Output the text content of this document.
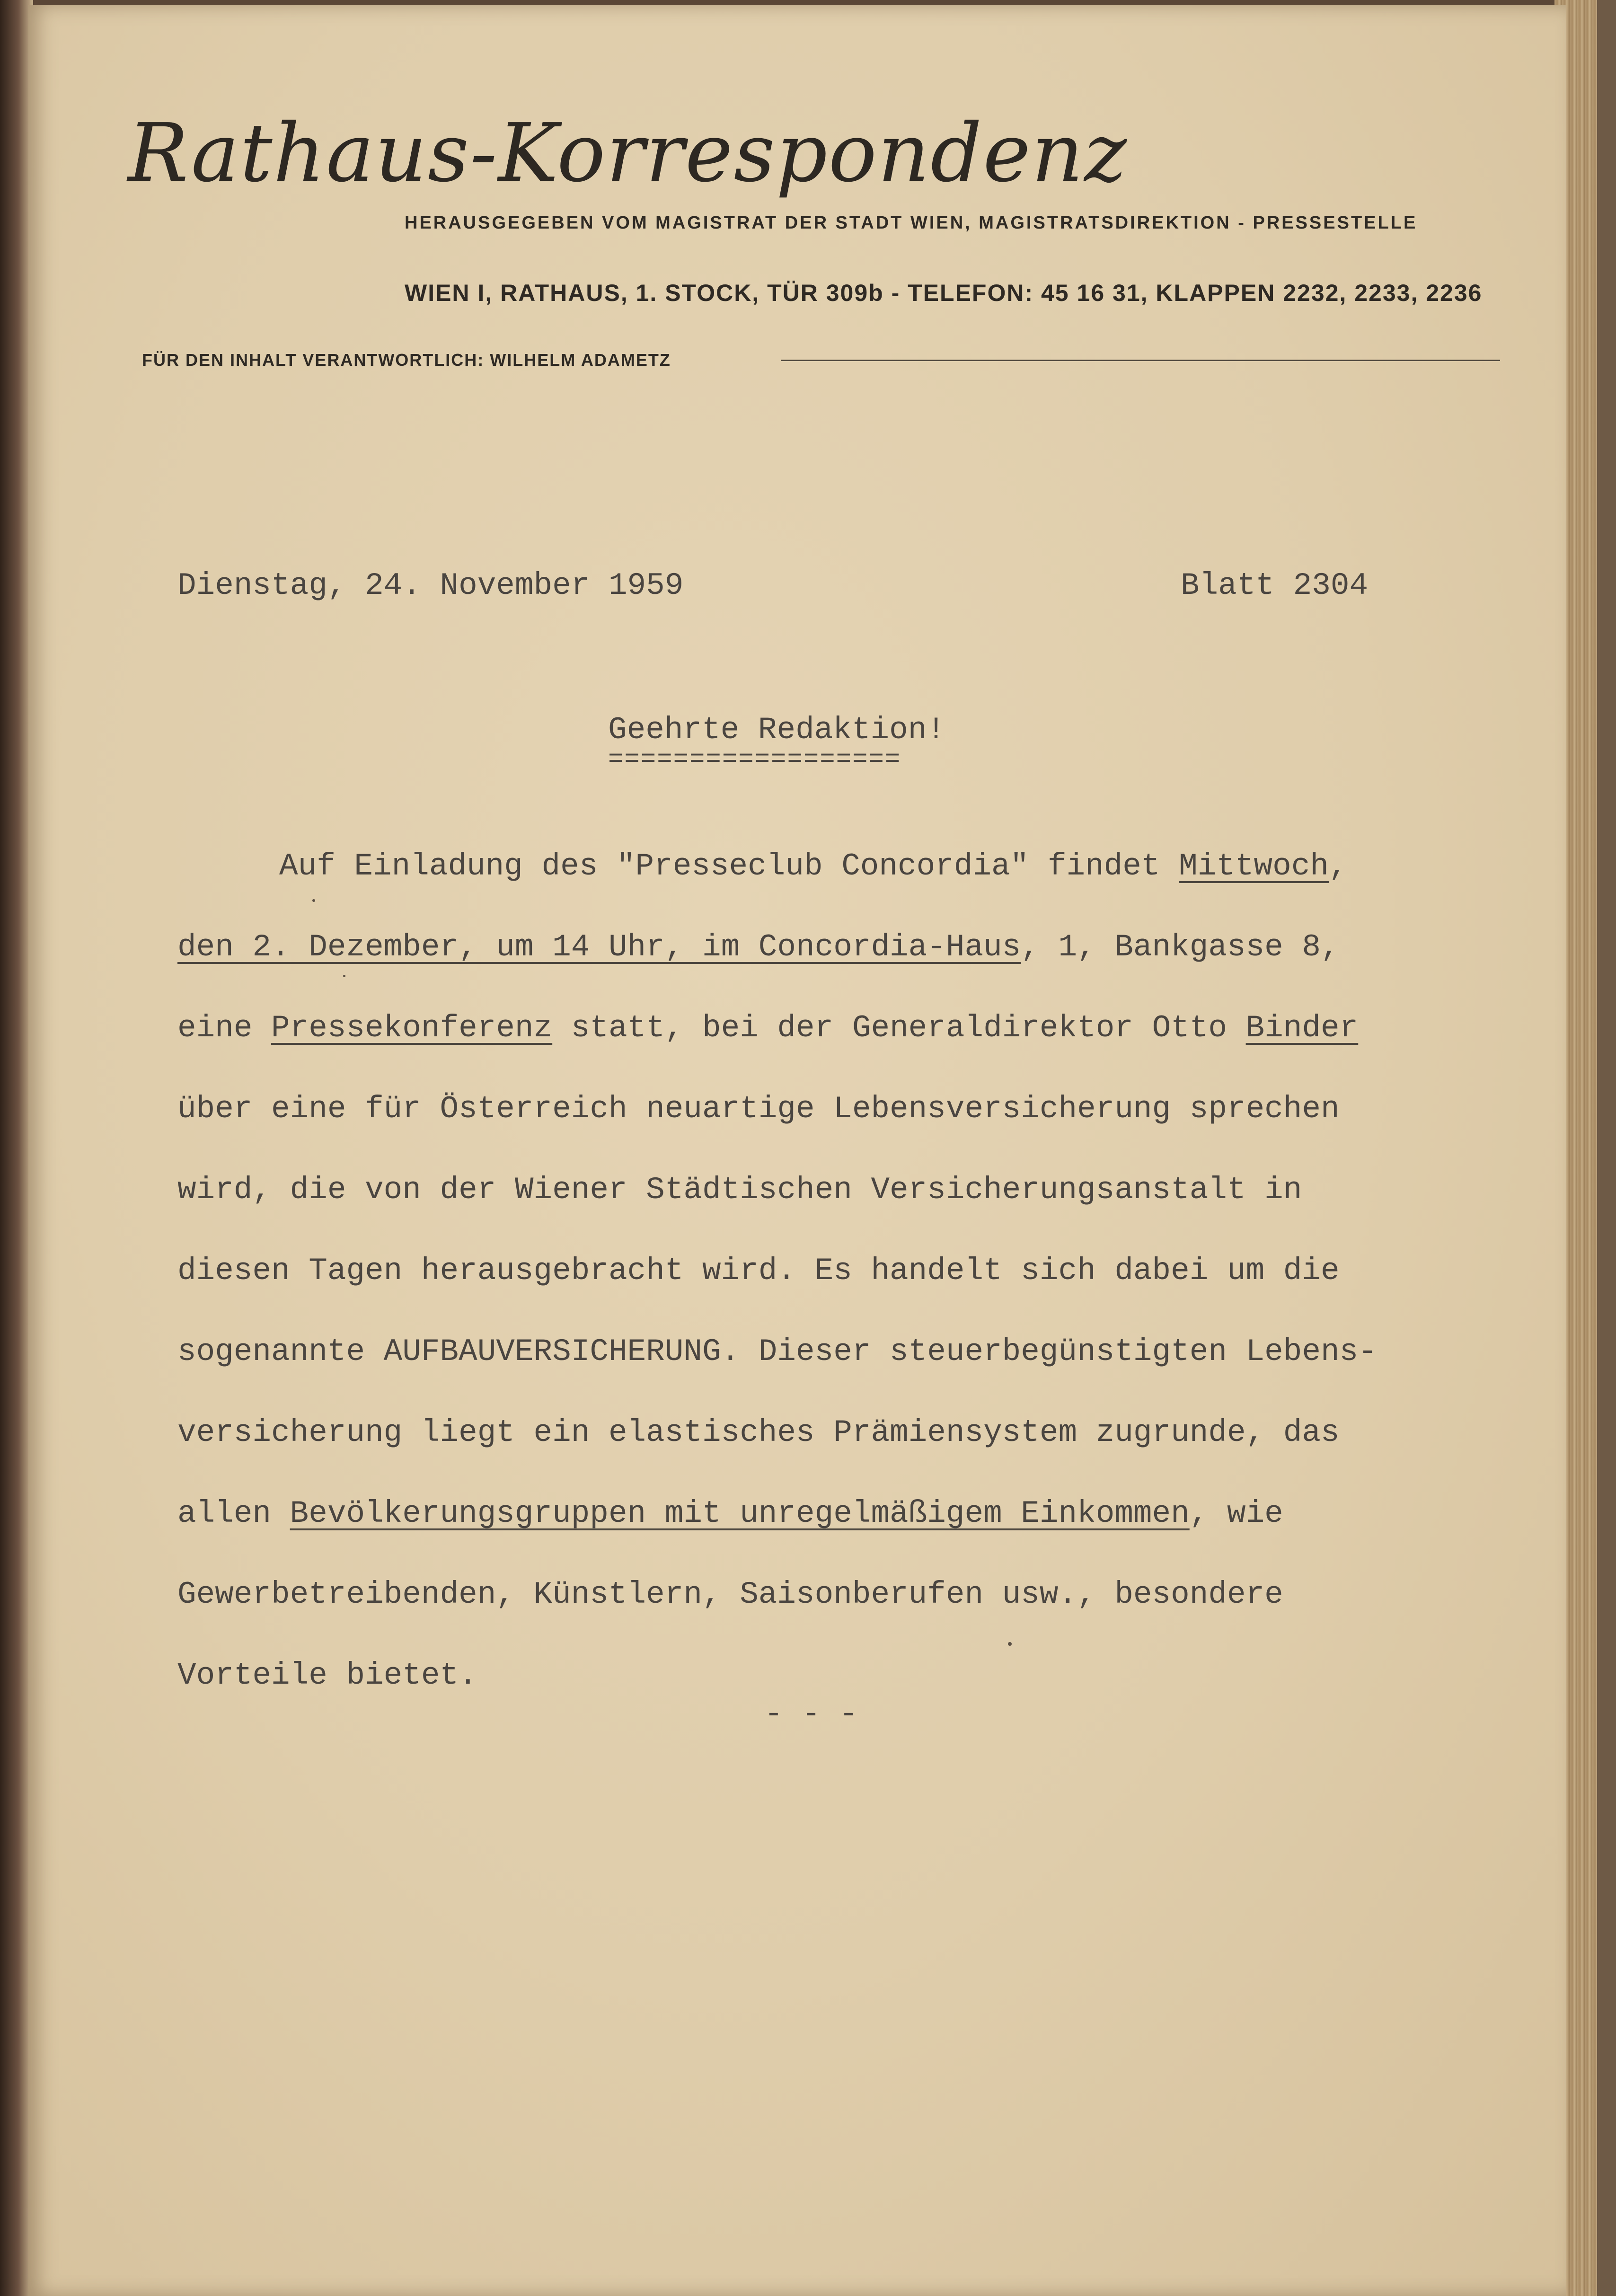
Rathaus-Korrespondenz
HERAUSGEGEBEN VOM MAGISTRAT DER STADT WIEN, MAGISTRATSDIREKTION - PRESSESTELLE
WIEN I, RATHAUS, 1. STOCK, TÜR 309b - TELEFON: 45 16 31, KLAPPEN 2232, 2233, 2236
FÜR DEN INHALT VERANTWORTLICH: WILHELM ADAMETZ
Dienstag, 24. November 1959	Blatt 2304
Geehrte Redaktion!
==================
Auf Einladung des "Presseclub Concordia" findet Mittwoch,
den 2. Dezember, um 14 Uhr, im Concordia-Haus, 1, Bankgasse 8,
eine Pressekonferenz statt, bei der Generaldirektor Otto Binder
über eine für Österreich neuartige Lebensversicherung sprechen
wird, die von der Wiener Städtischen Versicherungsanstalt in
diesen Tagen herausgebracht wird. Es handelt sich dabei um die
sogenannte AUFBAUVERSICHERUNG. Dieser steuerbegünstigten Lebens-
versicherung liegt ein elastisches Prämiensystem zugrunde, das
allen Bevölkerungsgruppen mit unregelmäßigem Einkommen, wie
Gewerbetreibenden, Künstlern, Saisonberufen usw., besondere
Vorteile bietet.
- - -
